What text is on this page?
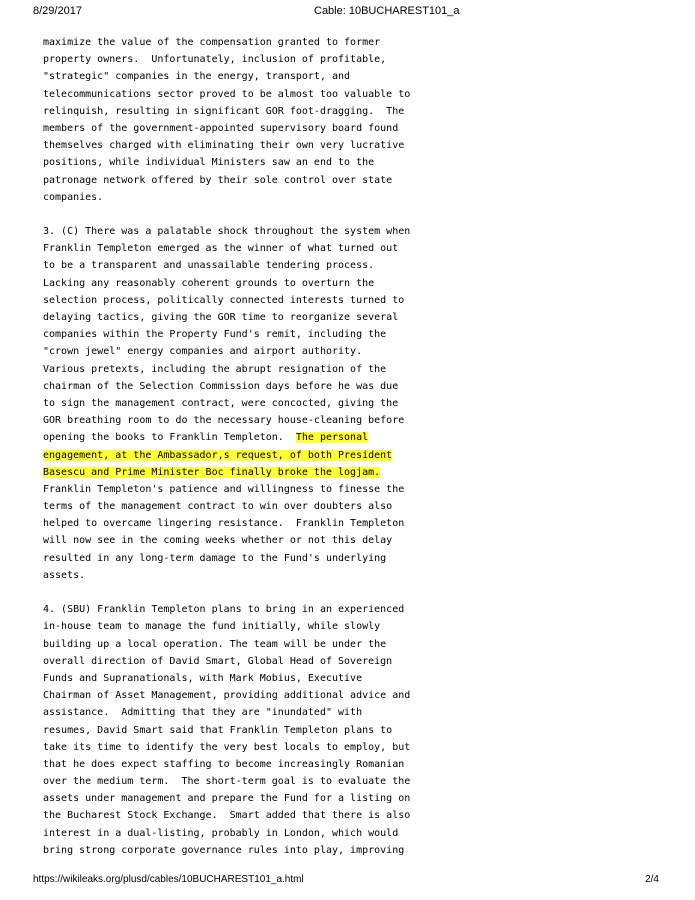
8/29/2017	Cable: 10BUCHAREST101_a
maximize the value of the compensation granted to former
property owners.  Unfortunately, inclusion of profitable,
"strategic" companies in the energy, transport, and
telecommunications sector proved to be almost too valuable to
relinquish, resulting in significant GOR foot-dragging.  The
members of the government-appointed supervisory board found
themselves charged with eliminating their own very lucrative
positions, while individual Ministers saw an end to the
patronage network offered by their sole control over state
companies.
3. (C) There was a palatable shock throughout the system when
Franklin Templeton emerged as the winner of what turned out
to be a transparent and unassailable tendering process.
Lacking any reasonably coherent grounds to overturn the
selection process, politically connected interests turned to
delaying tactics, giving the GOR time to reorganize several
companies within the Property Fund's remit, including the
"crown jewel" energy companies and airport authority.
Various pretexts, including the abrupt resignation of the
chairman of the Selection Commission days before he was due
to sign the management contract, were concocted, giving the
GOR breathing room to do the necessary house-cleaning before
opening the books to Franklin Templeton.  The personal
engagement, at the Ambassador,s request, of both President
Basescu and Prime Minister Boc finally broke the logjam.
Franklin Templeton's patience and willingness to finesse the
terms of the management contract to win over doubters also
helped to overcame lingering resistance.  Franklin Templeton
will now see in the coming weeks whether or not this delay
resulted in any long-term damage to the Fund's underlying
assets.
4. (SBU) Franklin Templeton plans to bring in an experienced
in-house team to manage the fund initially, while slowly
building up a local operation. The team will be under the
overall direction of David Smart, Global Head of Sovereign
Funds and Supranationals, with Mark Mobius, Executive
Chairman of Asset Management, providing additional advice and
assistance.  Admitting that they are "inundated" with
resumes, David Smart said that Franklin Templeton plans to
take its time to identify the very best locals to employ, but
that he does expect staffing to become increasingly Romanian
over the medium term.  The short-term goal is to evaluate the
assets under management and prepare the Fund for a listing on
the Bucharest Stock Exchange.  Smart added that there is also
interest in a dual-listing, probably in London, which would
bring strong corporate governance rules into play, improving
https://wikileaks.org/plusd/cables/10BUCHAREST101_a.html	2/4
